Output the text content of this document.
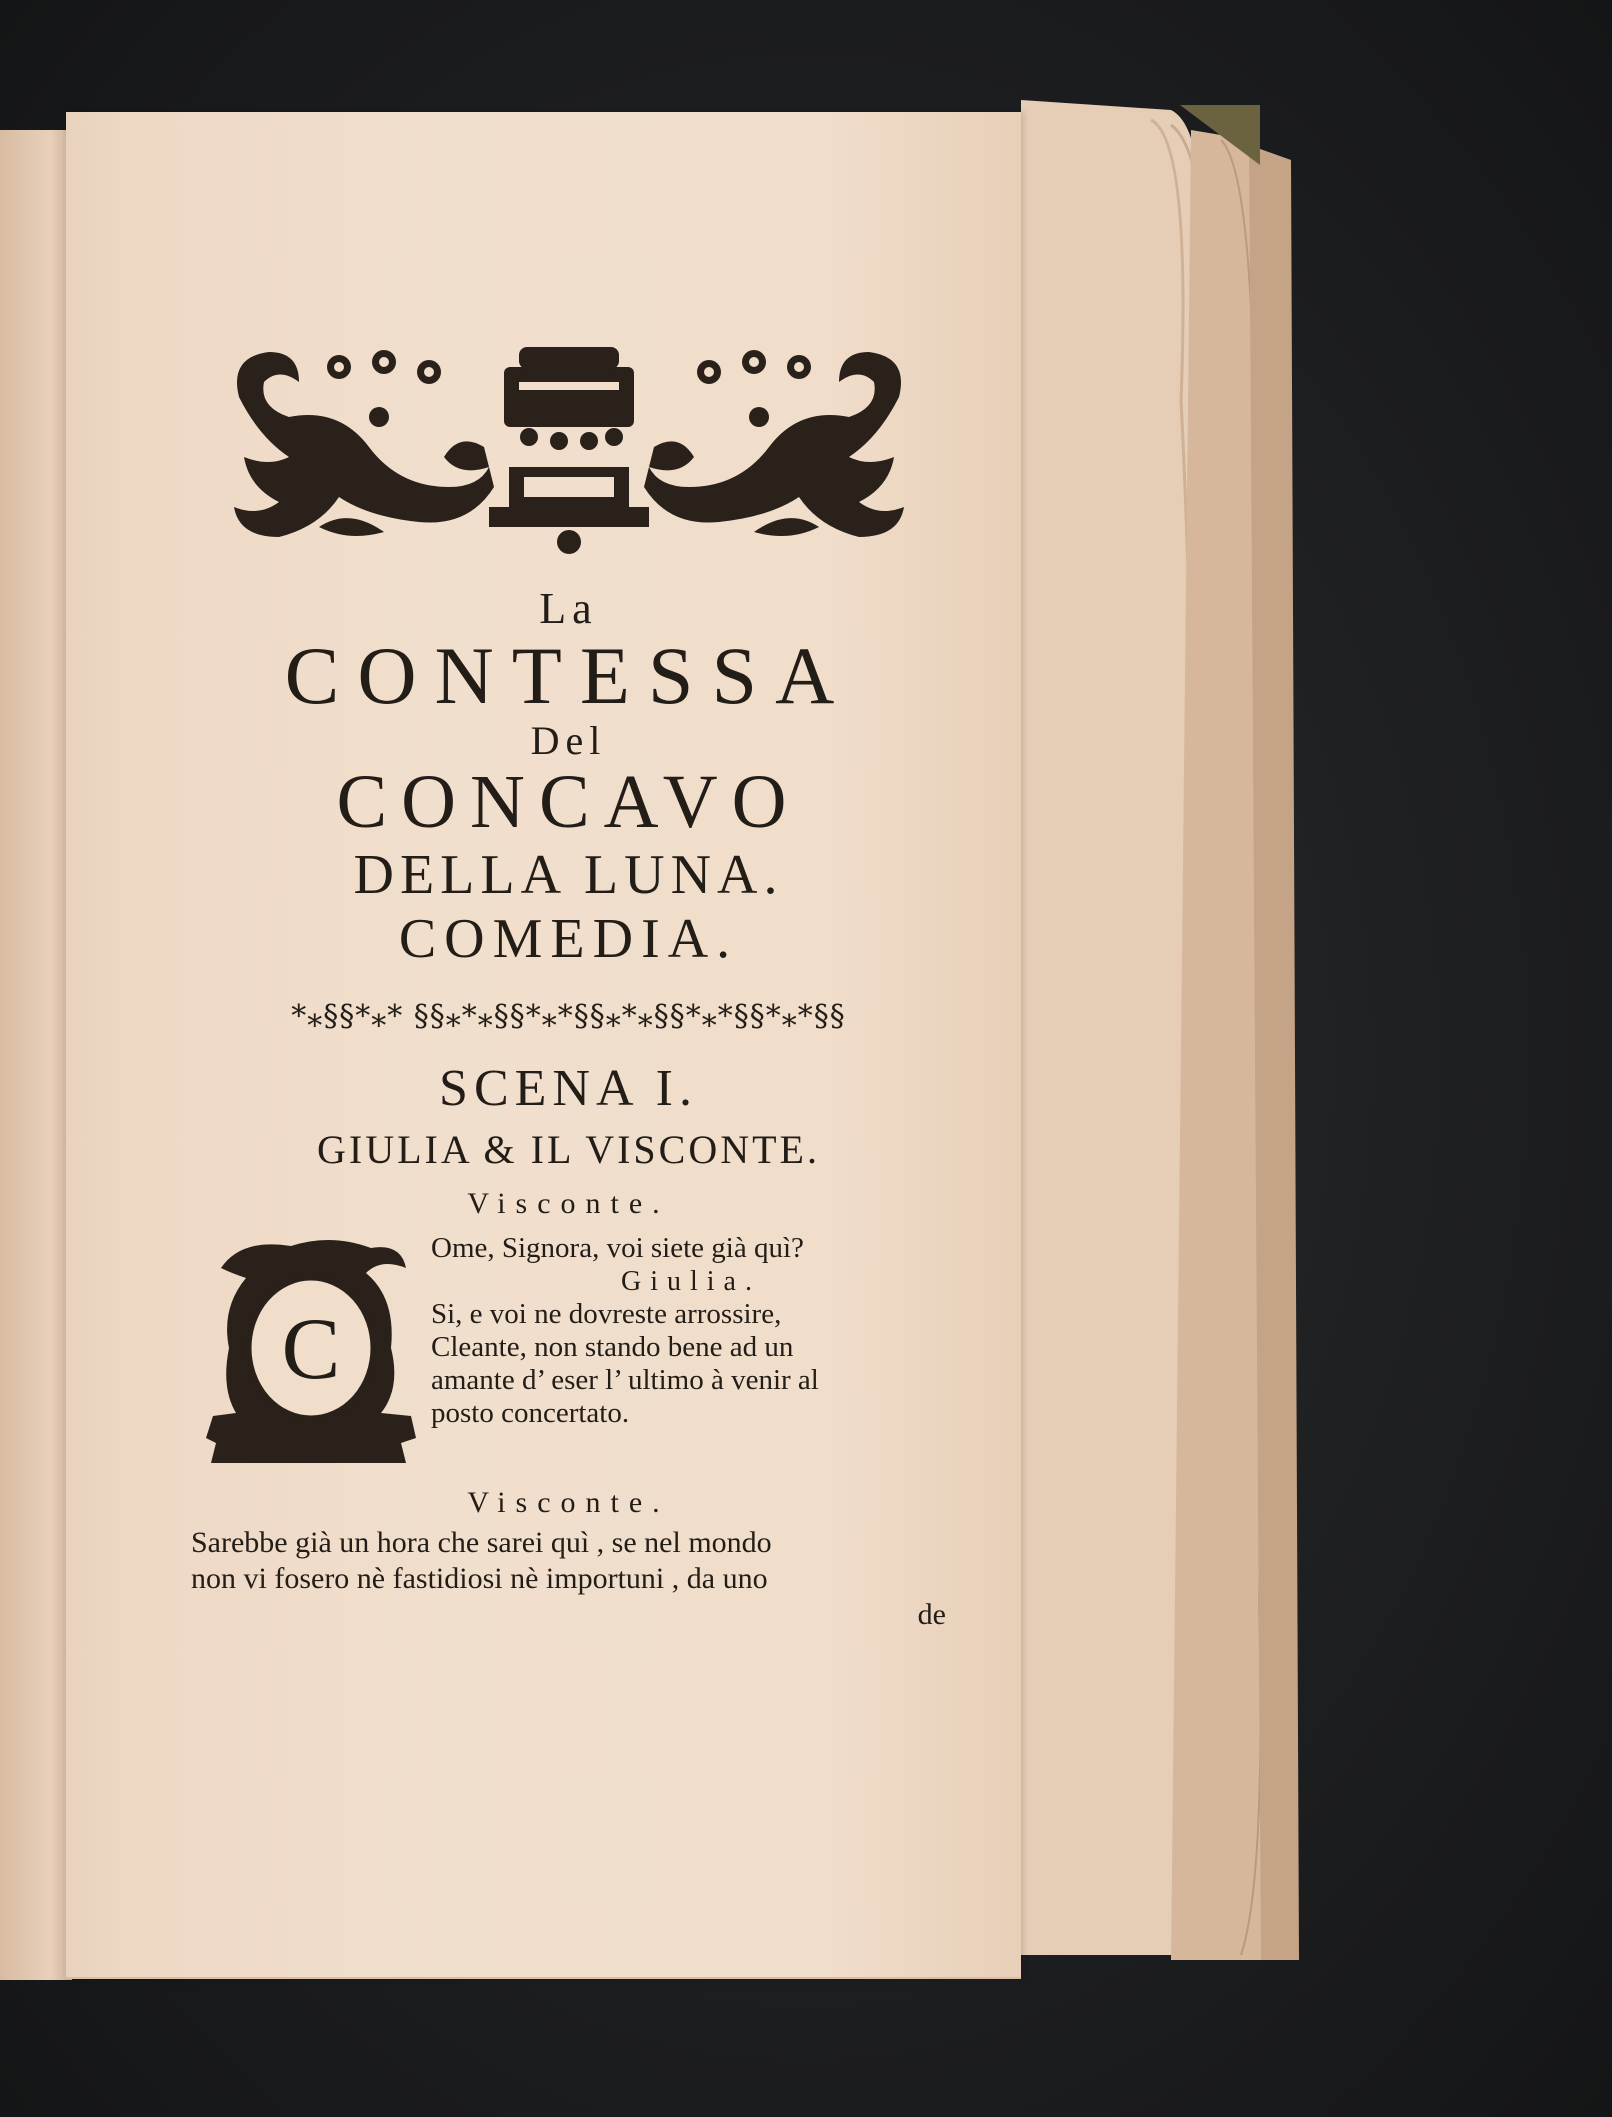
La
CONTESSA
Del
CONCAVO
DELLA LUNA.
COMEDIA.
*⁎§§*⁎* §§⁎*⁎§§*⁎*§§⁎*⁎§§*⁎*§§*⁎*§§
SCENA I.
GIULIA & IL VISCONTE.
Visconte.
C
Ome, Signora, voi siete già quì?
Giulia.
Si, e voi ne dovreste arrossire,
Cleante, non stando bene ad un
amante d’ eser l’ ultimo à venir al
posto concertato.
Visconte.
Sarebbe già un hora che sarei quì , se nel mondo
non vi fosero nè fastidiosi nè importuni , da uno
de
